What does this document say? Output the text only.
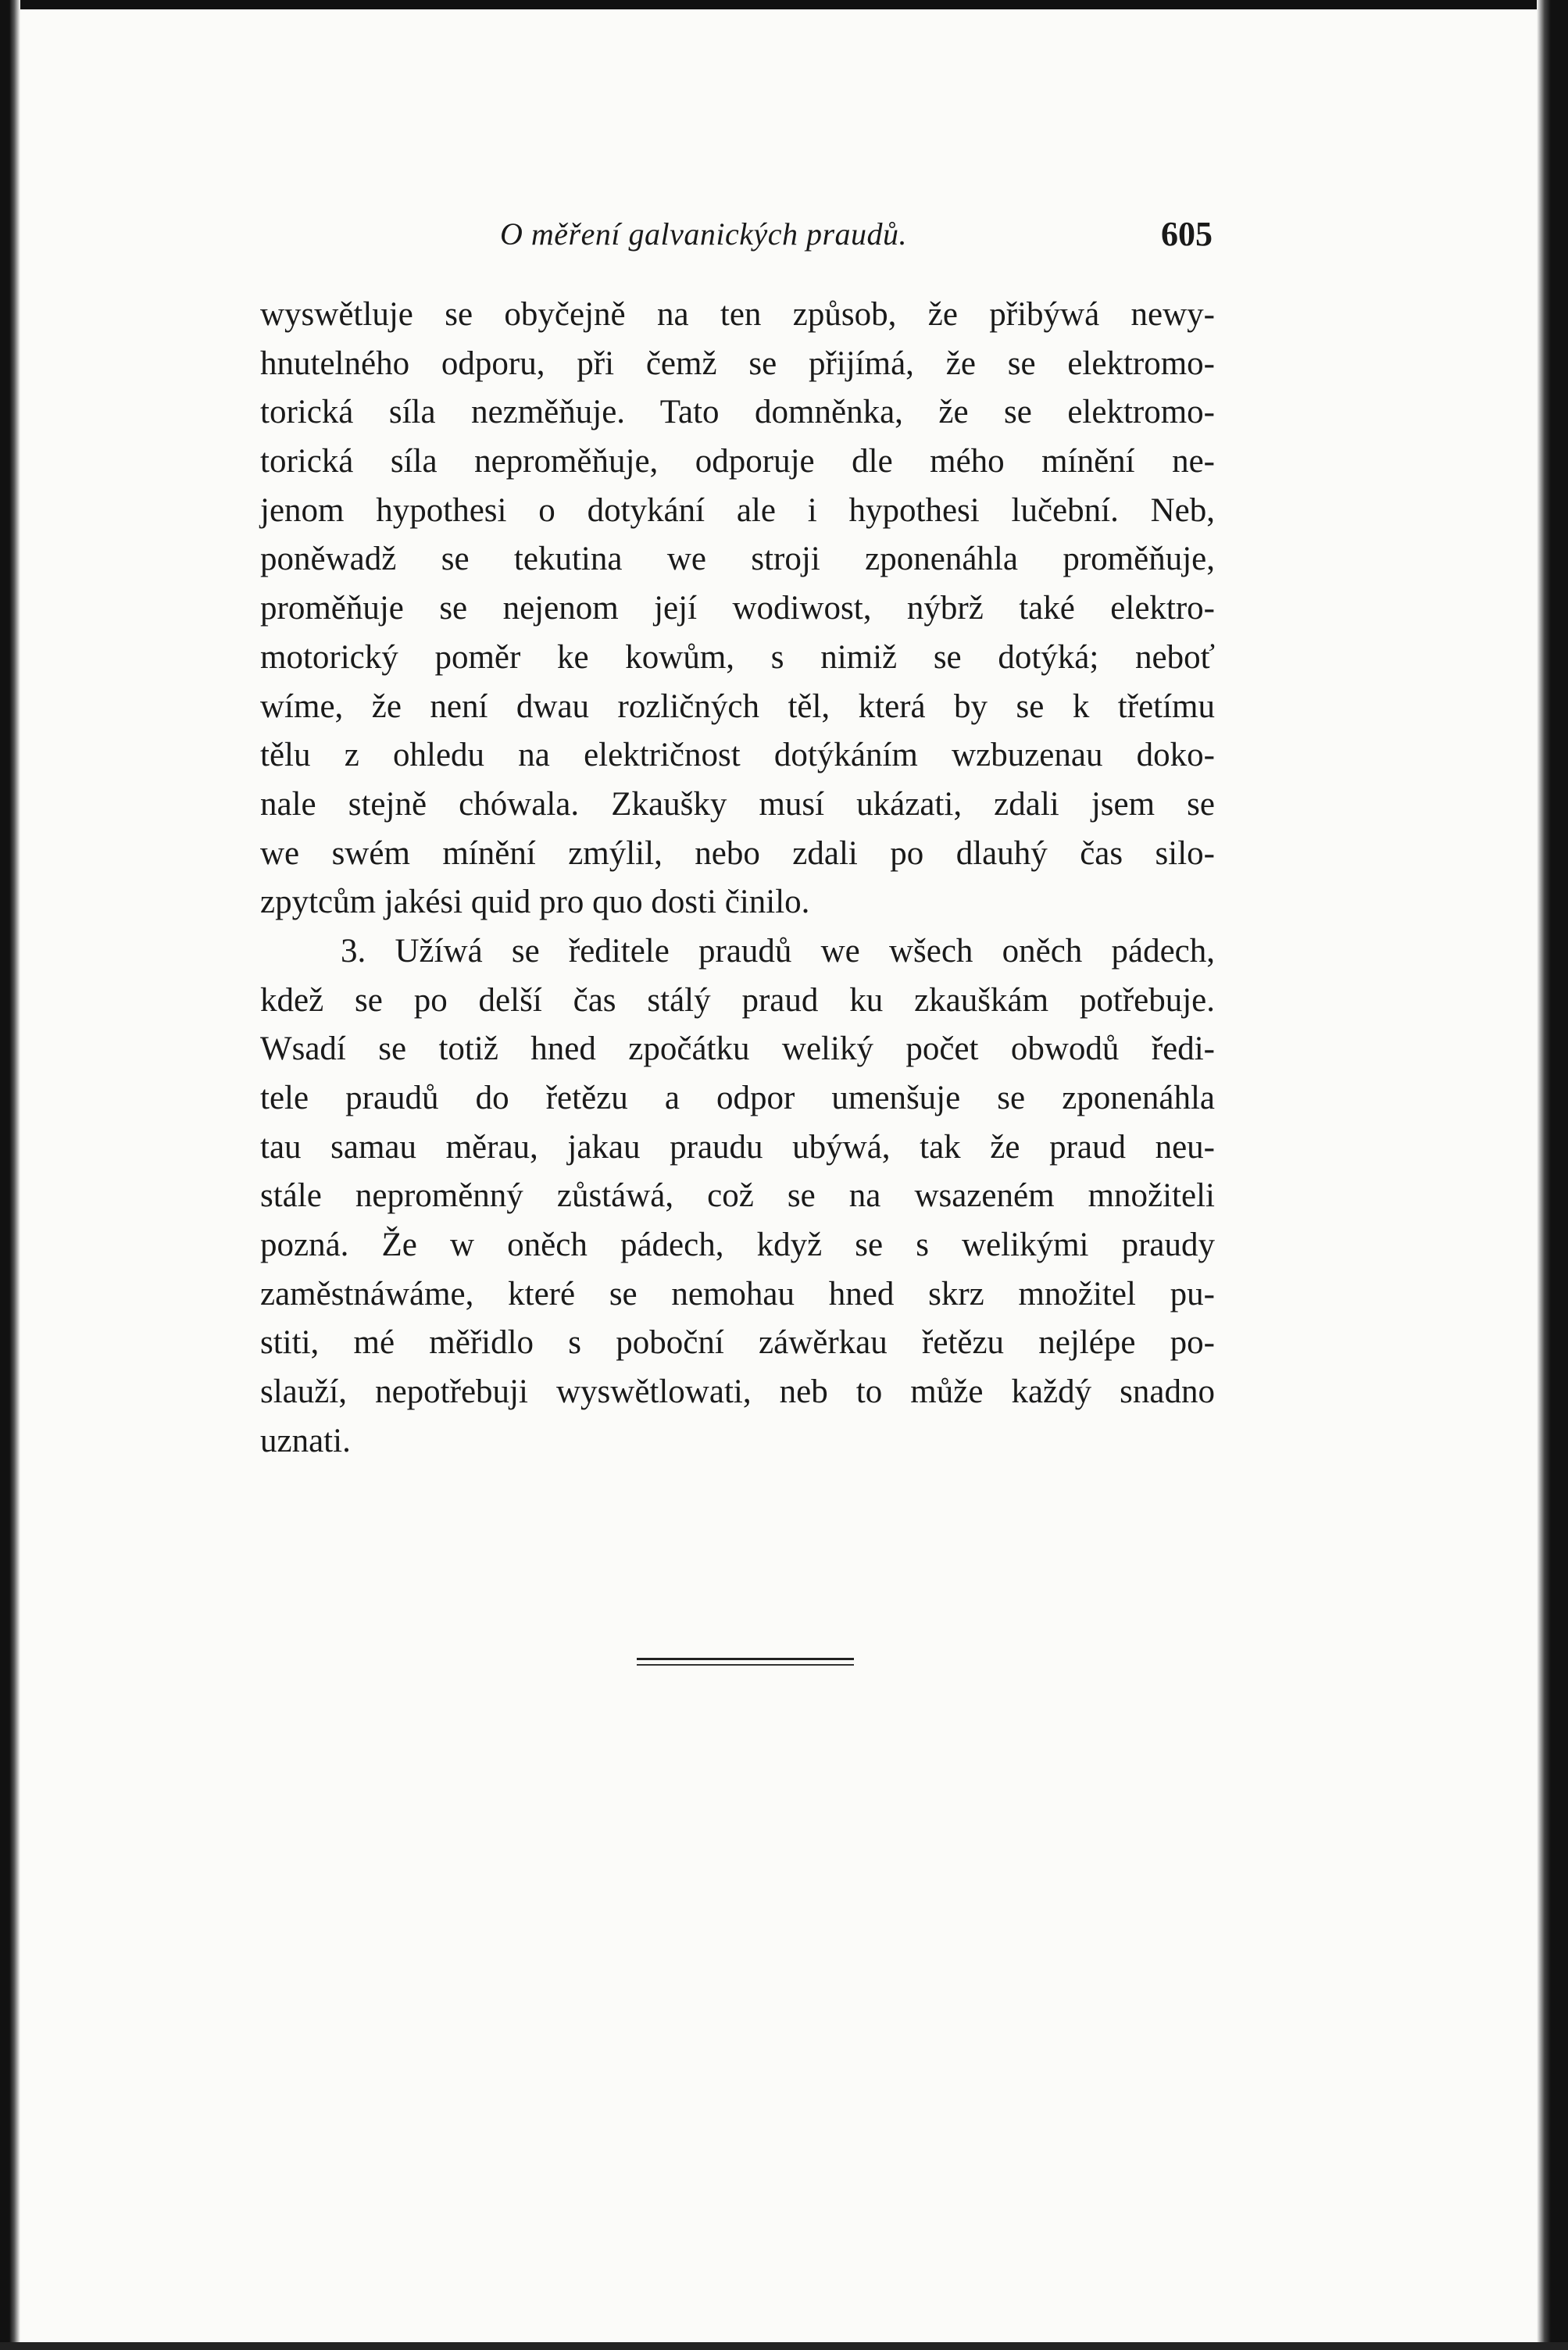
O měření galvanických praudů.	605
wyswětluje se obyčejně na ten způsob, že přibýwá newy-
hnutelného odporu, při čemž se přijímá, že se elektromo-
torická síla nezměňuje. Tato domněnka, že se elektromo-
torická síla neproměňuje, odporuje dle mého mínění ne-
jenom hypothesi o dotykání ale i hypothesi lučební. Neb,
poněwadž se tekutina we stroji zponenáhla proměňuje,
proměňuje se nejenom její wodiwost, nýbrž také elektro-
motorický poměr ke kowům, s nimiž se dotýká; neboť
wíme, že není dwau rozličných těl, která by se k třetímu
tělu z ohledu na električnost dotýkáním wzbuzenau doko-
nale stejně chówala. Zkaušky musí ukázati, zdali jsem se
we swém mínění zmýlil, nebo zdali po dlauhý čas silo-
zpytcům jakési quid pro quo dosti činilo.
3. Užíwá se ředitele praudů we wšech oněch pádech,
kdež se po delší čas stálý praud ku zkauškám potřebuje.
Wsadí se totiž hned zpočátku weliký počet obwodů ředi-
tele praudů do řetězu a odpor umenšuje se zponenáhla
tau samau měrau, jakau praudu ubýwá, tak že praud neu-
stále neproměnný zůstáwá, což se na wsazeném množiteli
pozná. Že w oněch pádech, když se s welikými praudy
zaměstnáwáme, které se nemohau hned skrz množitel pu-
stiti, mé měřidlo s poboční záwěrkau řetězu nejlépe po-
slauží, nepotřebuji wyswětlowati, neb to může každý snadno
uznati.
